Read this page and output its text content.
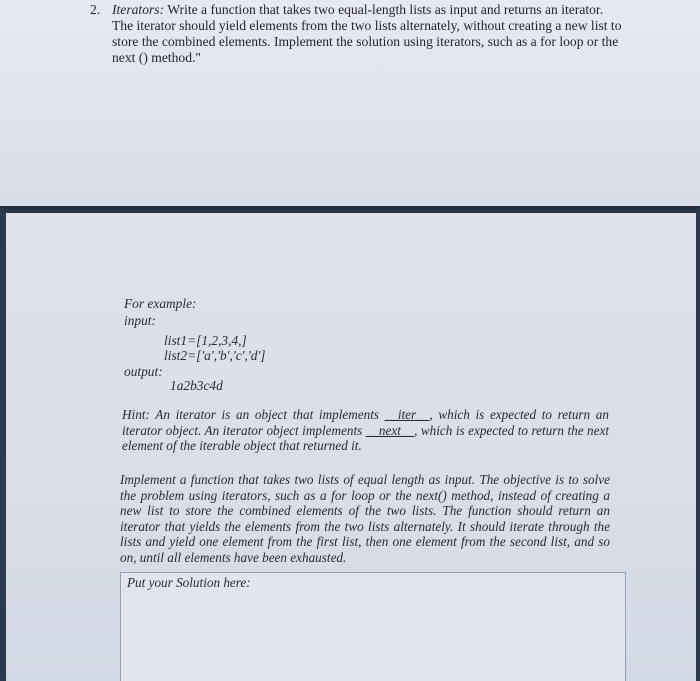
2. Iterators: Write a function that takes two equal-length lists as input and returns an iterator. The iterator should yield elements from the two lists alternately, without creating a new list to store the combined elements. Implement the solution using iterators, such as a for loop or the next () method."
For example:
input:
list1=[1,2,3,4,]
list2=['a','b','c','d']
output:
1a2b3c4d
Hint: An iterator is an object that implements __iter__, which is expected to return an iterator object. An iterator object implements __next__, which is expected to return the next element of the iterable object that returned it.
Implement a function that takes two lists of equal length as input. The objective is to solve the problem using iterators, such as a for loop or the next() method, instead of creating a new list to store the combined elements of the two lists. The function should return an iterator that yields the elements from the two lists alternately. It should iterate through the lists and yield one element from the first list, then one element from the second list, and so on, until all elements have been exhausted.
Put your Solution here:
